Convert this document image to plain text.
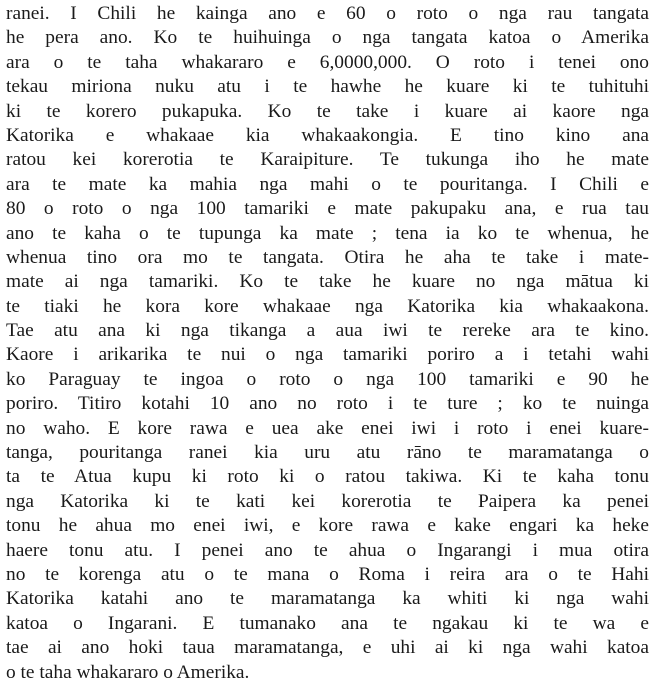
ranei. I Chili he kainga ano e 60 o roto o nga rau tangata
he pera ano. Ko te huihuinga o nga tangata katoa o Amerika
ara o te taha whakararo e 6,0000,000. O roto i tenei ono
tekau miriona nuku atu i te hawhe he kuare ki te tuhituhi
ki te korero pukapuka. Ko te take i kuare ai kaore nga
Katorika e whakaae kia whakaakongia. E tino kino ana
ratou kei korerotia te Karaipiture. Te tukunga iho he mate
ara te mate ka mahia nga mahi o te pouritanga. I Chili e
80 o roto o nga 100 tamariki e mate pakupaku ana, e rua tau
ano te kaha o te tupunga ka mate ; tena ia ko te whenua, he
whenua tino ora mo te tangata. Otira he aha te take i mate-
mate ai nga tamariki. Ko te take he kuare no nga mātua ki
te tiaki he kora kore whakaae nga Katorika kia whakaakona.
Tae atu ana ki nga tikanga a aua iwi te rereke ara te kino.
Kaore i arikarika te nui o nga tamariki poriro a i tetahi wahi
ko Paraguay te ingoa o roto o nga 100 tamariki e 90 he
poriro. Titiro kotahi 10 ano no roto i te ture ; ko te nuinga
no waho. E kore rawa e uea ake enei iwi i roto i enei kuare-
tanga, pouritanga ranei kia uru atu rāno te maramatanga o
ta te Atua kupu ki roto ki o ratou takiwa. Ki te kaha tonu
nga Katorika ki te kati kei korerotia te Paipera ka penei
tonu he ahua mo enei iwi, e kore rawa e kake engari ka heke
haere tonu atu. I penei ano te ahua o Ingarangi i mua otira
no te korenga atu o te mana o Roma i reira ara o te Hahi
Katorika katahi ano te maramatanga ka whiti ki nga wahi
katoa o Ingarani. E tumanako ana te ngakau ki te wa e
tae ai ano hoki taua maramatanga, e uhi ai ki nga wahi katoa
o te taha whakararo o Amerika.
